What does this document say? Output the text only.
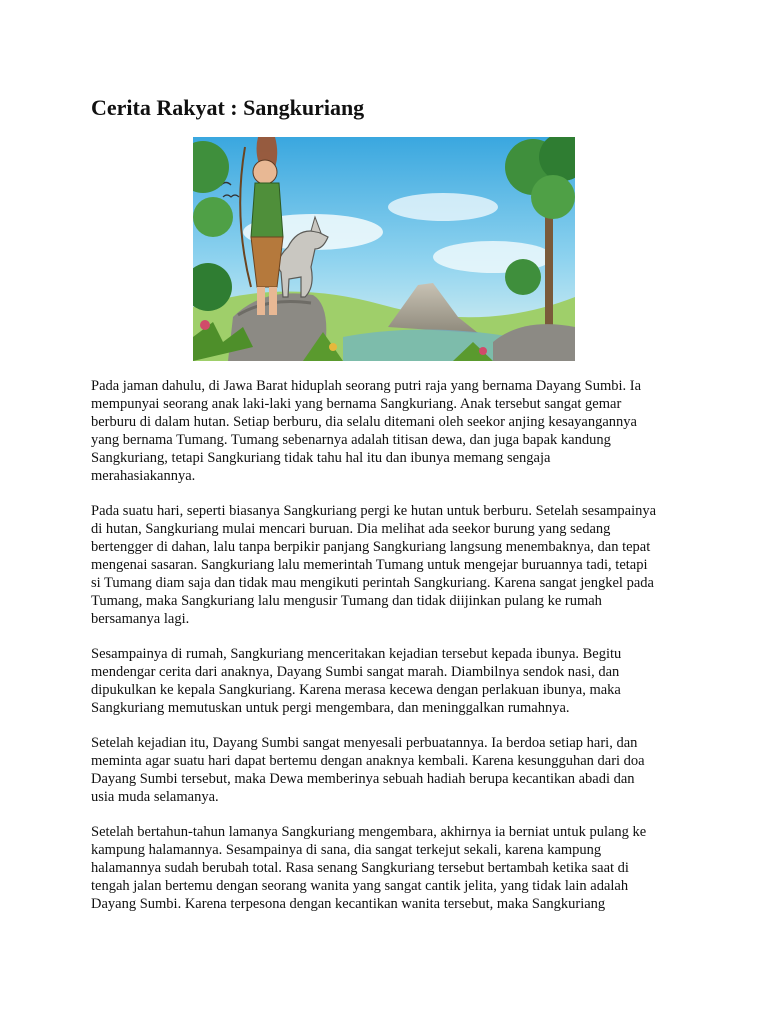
Cerita Rakyat : Sangkuriang

Pada jaman dahulu, di Jawa Barat hiduplah seorang putri raja yang bernama Dayang Sumbi. Ia
mempunyai seorang anak laki-laki yang bernama Sangkuriang. Anak tersebut sangat gemar
berburu di dalam hutan. Setiap berburu, dia selalu ditemani oleh seekor anjing kesayangannya
yang bernama Tumang. Tumang sebenarnya adalah titisan dewa, dan juga bapak kandung
Sangkuriang, tetapi Sangkuriang tidak tahu hal itu dan ibunya memang sengaja
merahasiakannya.

Pada suatu hari, seperti biasanya Sangkuriang pergi ke hutan untuk berburu. Setelah sesampainya
di hutan, Sangkuriang mulai mencari buruan. Dia melihat ada seekor burung yang sedang
bertengger di dahan, lalu tanpa berpikir panjang Sangkuriang langsung menembaknya, dan tepat
mengenai sasaran. Sangkuriang lalu memerintah Tumang untuk mengejar buruannya tadi, tetapi
si Tumang diam saja dan tidak mau mengikuti perintah Sangkuriang. Karena sangat jengkel pada
Tumang, maka Sangkuriang lalu mengusir Tumang dan tidak diijinkan pulang ke rumah
bersamanya lagi.

Sesampainya di rumah, Sangkuriang menceritakan kejadian tersebut kepada ibunya. Begitu
mendengar cerita dari anaknya, Dayang Sumbi sangat marah. Diambilnya sendok nasi, dan
dipukulkan ke kepala Sangkuriang. Karena merasa kecewa dengan perlakuan ibunya, maka
Sangkuriang memutuskan untuk pergi mengembara, dan meninggalkan rumahnya.

Setelah kejadian itu, Dayang Sumbi sangat menyesali perbuatannya. Ia berdoa setiap hari, dan
meminta agar suatu hari dapat bertemu dengan anaknya kembali. Karena kesungguhan dari doa
Dayang Sumbi tersebut, maka Dewa memberinya sebuah hadiah berupa kecantikan abadi dan
usia muda selamanya.

Setelah bertahun-tahun lamanya Sangkuriang mengembara, akhirnya ia berniat untuk pulang ke
kampung halamannya. Sesampainya di sana, dia sangat terkejut sekali, karena kampung
halamannya sudah berubah total. Rasa senang Sangkuriang tersebut bertambah ketika saat di
tengah jalan bertemu dengan seorang wanita yang sangat cantik jelita, yang tidak lain adalah
Dayang Sumbi. Karena terpesona dengan kecantikan wanita tersebut, maka Sangkuriang
